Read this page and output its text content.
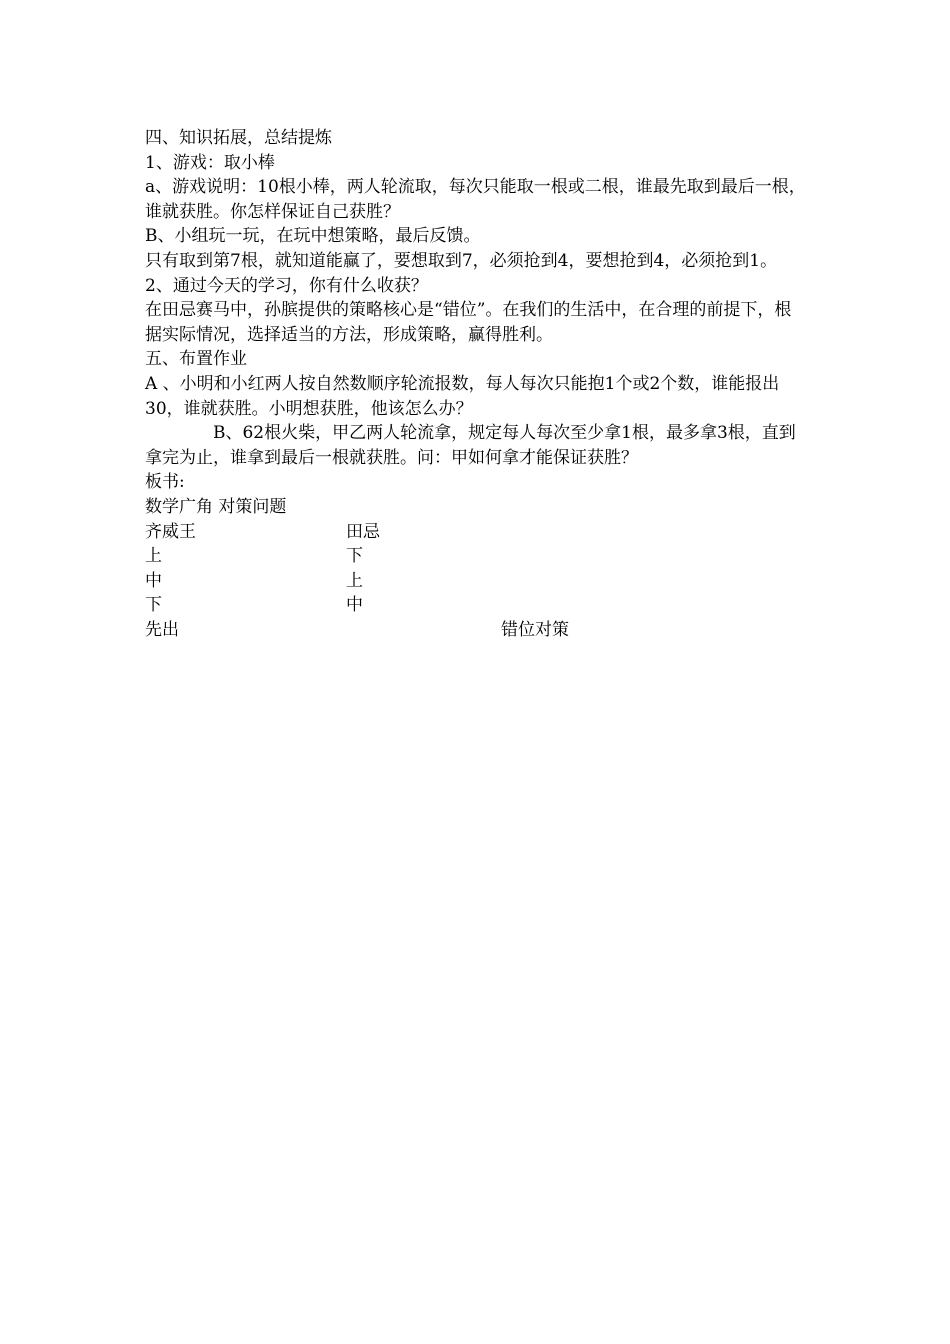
四、知识拓展，总结提炼

1、游戏：取小棒

a、游戏说明：10根小棒，两人轮流取，每次只能取一根或二根，谁最先取到最后一根，谁就获胜。你怎样保证自己获胜？

B、小组玩一玩，在玩中想策略，最后反馈。

只有取到第7根，就知道能赢了，要想取到7，必须抢到4，要想抢到4，必须抢到1。

2、通过今天的学习，你有什么收获？

在田忌赛马中，孙膑提供的策略核心是“错位”。在我们的生活中，在合理的前提下，根据实际情况，选择适当的方法，形成策略，赢得胜利。

五、布置作业

A 、小明和小红两人按自然数顺序轮流报数，每人每次只能抱1个或2个数，谁能报出30，谁就获胜。小明想获胜，他该怎么办？

B、62根火柴，甲乙两人轮流拿，规定每人每次至少拿1根，最多拿3根，直到拿完为止，谁拿到最后一根就获胜。问：甲如何拿才能保证获胜？

板书:

数学广角 对策问题

齐威王	田忌
上	下
中	上
下	中
先出	错位对策
